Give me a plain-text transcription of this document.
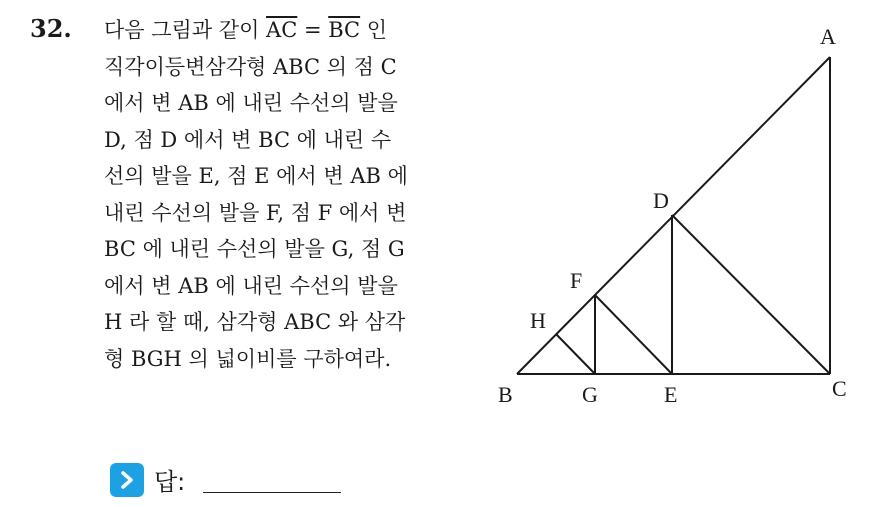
32. 다음 그림과 같이 $\overline{AC} = \overline{BC}$ 인
직각이등변삼각형 ABC 의 점 C
에서 변 AB 에 내린 수선의 발을
D, 점 D 에서 변 BC 에 내린 수
선의 발을 E, 점 E 에서 변 AB 에
내린 수선의 발을 F, 점 F 에서 변
BC 에 내린 수선의 발을 G, 점 G
에서 변 AB 에 내린 수선의 발을
H 라 할 때, 삼각형 ABC 와 삼각
형 BGH 의 넓이비를 구하여라.
A
B	C
D
E
F
G
H
답:
